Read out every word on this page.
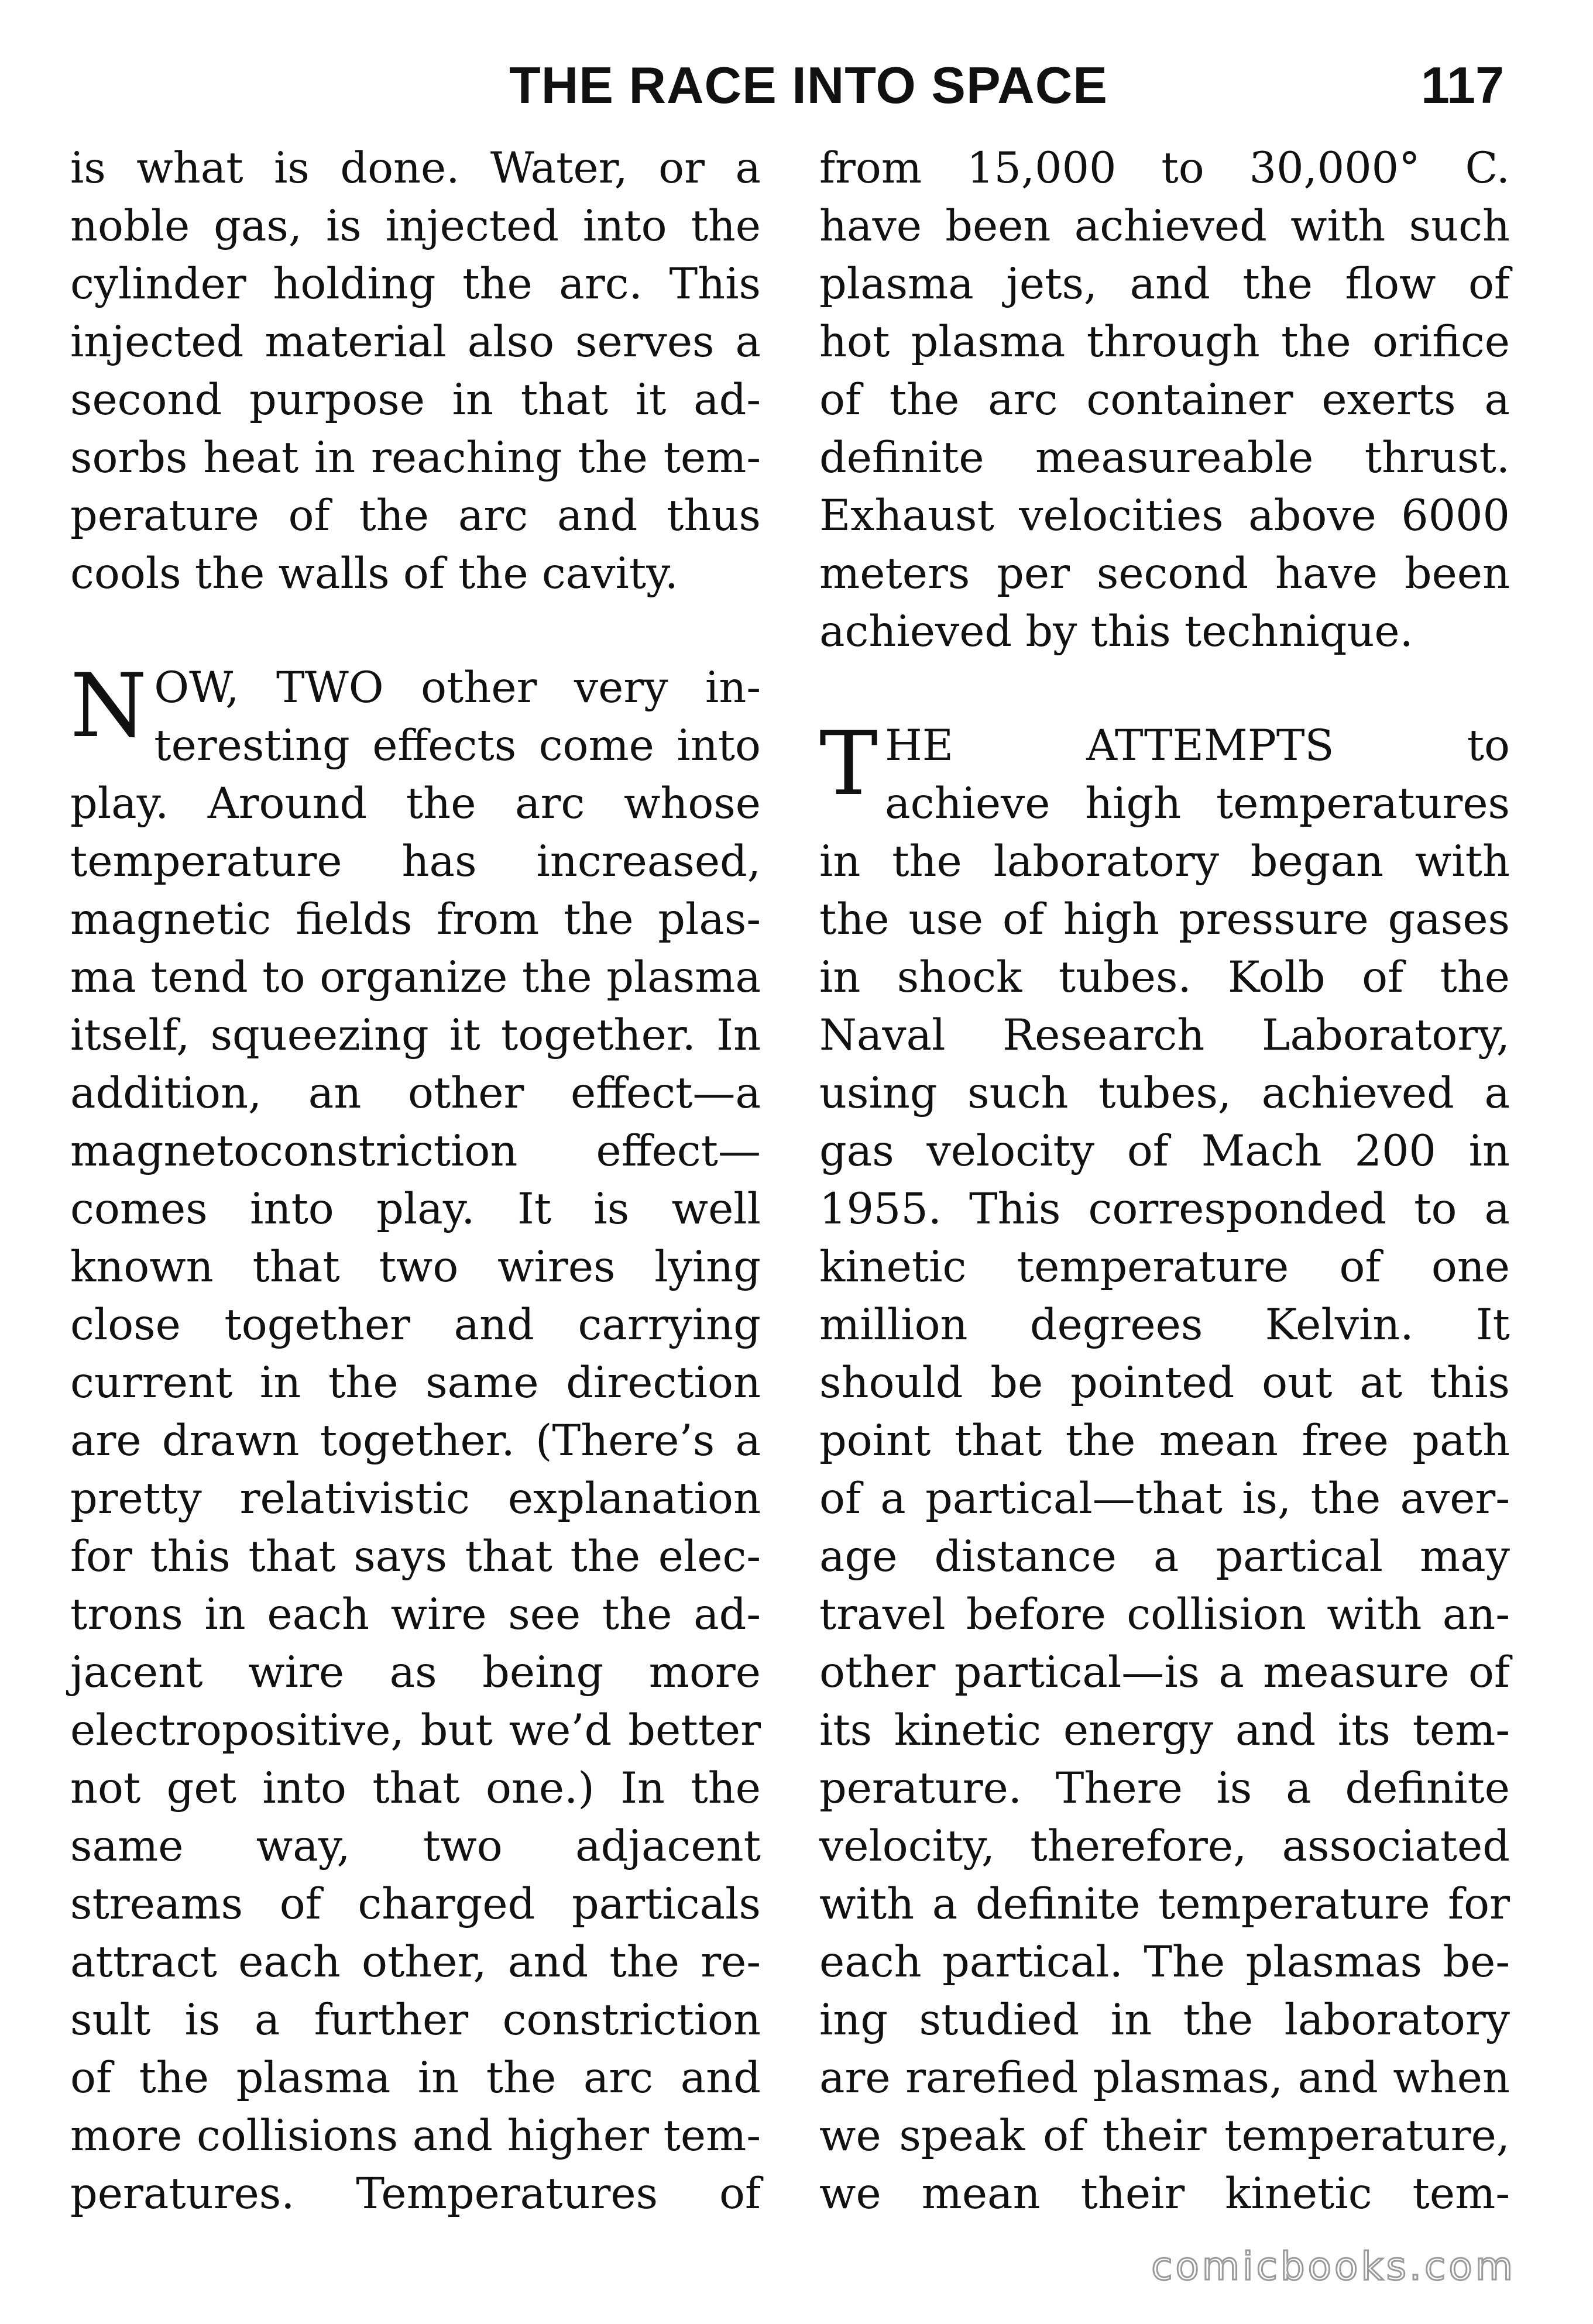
THE RACE INTO SPACE	117

is what is done. Water, or a

noble gas, is injected into the

cylinder holding the arc. This

injected material also serves a

second purpose in that it ad-

sorbs heat in reaching the tem-

perature of the arc and thus

cools the walls of the cavity.

N OW, TWO other very in-

teresting effects come into

play. Around the arc whose

temperature has increased,

magnetic fields from the plas-

ma tend to organize the plasma

itself, squeezing it together. In

addition, an other effect—a

magnetoconstriction effect—

comes into play. It is well

known that two wires lying

close together and carrying

current in the same direction

are drawn together. (There’s a

pretty relativistic explanation

for this that says that the elec-

trons in each wire see the ad-

jacent wire as being more

electropositive, but we’d better

not get into that one.) In the

same way, two adjacent

streams of charged particals

attract each other, and the re-

sult is a further constriction

of the plasma in the arc and

more collisions and higher tem-

peratures. Temperatures of

from 15,000 to 30,000° C.

have been achieved with such

plasma jets, and the flow of

hot plasma through the orifice

of the arc container exerts a

definite measureable thrust.

Exhaust velocities above 6000

meters per second have been

achieved by this technique.

T HE ATTEMPTS to

achieve high temperatures

in the laboratory began with

the use of high pressure gases

in shock tubes. Kolb of the

Naval Research Laboratory,

using such tubes, achieved a

gas velocity of Mach 200 in

1955. This corresponded to a

kinetic temperature of one

million degrees Kelvin. It

should be pointed out at this

point that the mean free path

of a partical—that is, the aver-

age distance a partical may

travel before collision with an-

other partical—is a measure of

its kinetic energy and its tem-

perature. There is a definite

velocity, therefore, associated

with a definite temperature for

each partical. The plasmas be-

ing studied in the laboratory

are rarefied plasmas, and when

we speak of their temperature,

we mean their kinetic tem-

comicbooks.com
